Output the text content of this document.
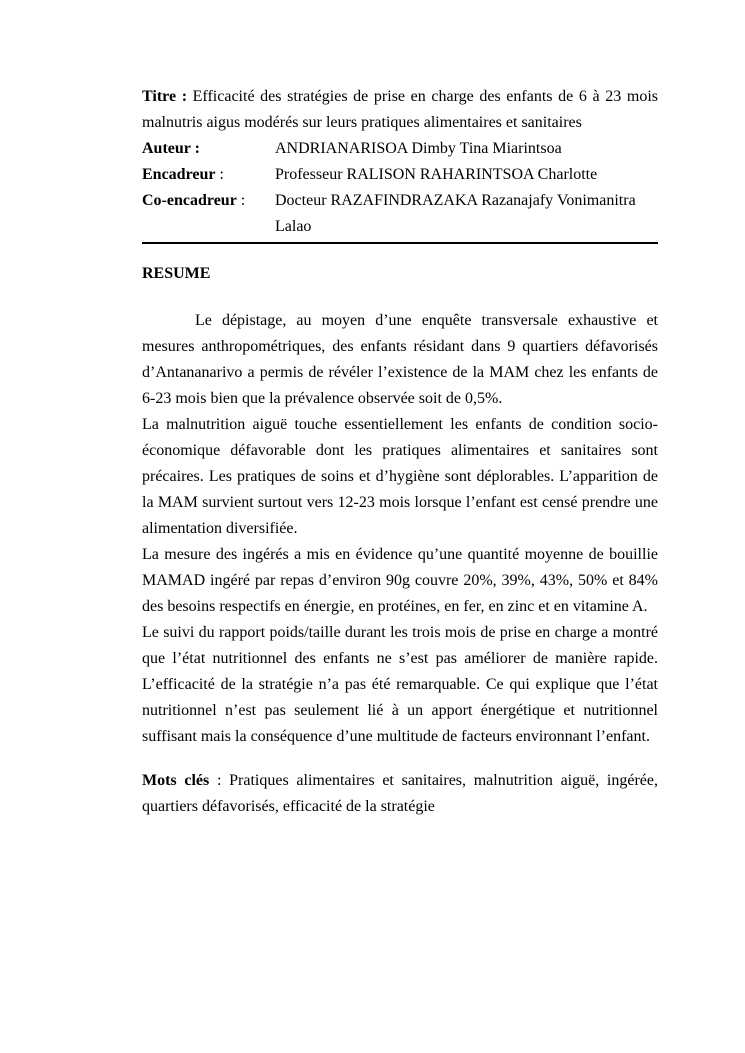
Titre : Efficacité des stratégies de prise en charge des enfants de 6 à 23 mois malnutris aigus modérés sur leurs pratiques alimentaires et sanitaires

Auteur :	ANDRIANARISOA Dimby Tina Miarintsoa
Encadreur :	Professeur RALISON RAHARINTSOA Charlotte
Co-encadreur :	Docteur RAZAFINDRAZAKA Razanajafy Vonimanitra Lalao

RESUME

Le dépistage, au moyen d’une enquête transversale exhaustive et mesures anthropométriques, des enfants résidant dans 9 quartiers défavorisés d’Antananarivo a permis de révéler l’existence de la MAM chez les enfants de 6-23 mois bien que la prévalence observée soit de 0,5%.

La malnutrition aiguë touche essentiellement les enfants de condition socio-économique défavorable dont les pratiques alimentaires et sanitaires sont précaires. Les pratiques de soins et d’hygiène sont déplorables. L’apparition de la MAM survient surtout vers 12-23 mois lorsque l’enfant est censé prendre une alimentation diversifiée.

La mesure des ingérés a mis en évidence qu’une quantité moyenne de bouillie MAMAD ingéré par repas d’environ 90g couvre 20%, 39%, 43%, 50% et 84% des besoins respectifs en énergie, en protéines, en fer, en zinc et en vitamine A.

Le suivi du rapport poids/taille durant les trois mois de prise en charge a montré que l’état nutritionnel des enfants ne s’est pas améliorer de manière rapide. L’efficacité de la stratégie n’a pas été remarquable. Ce qui explique que l’état nutritionnel n’est pas seulement lié à un apport énergétique et nutritionnel suffisant mais la conséquence d’une multitude de facteurs environnant l’enfant.

Mots clés : Pratiques alimentaires et sanitaires, malnutrition aiguë, ingérée, quartiers défavorisés, efficacité de la stratégie
